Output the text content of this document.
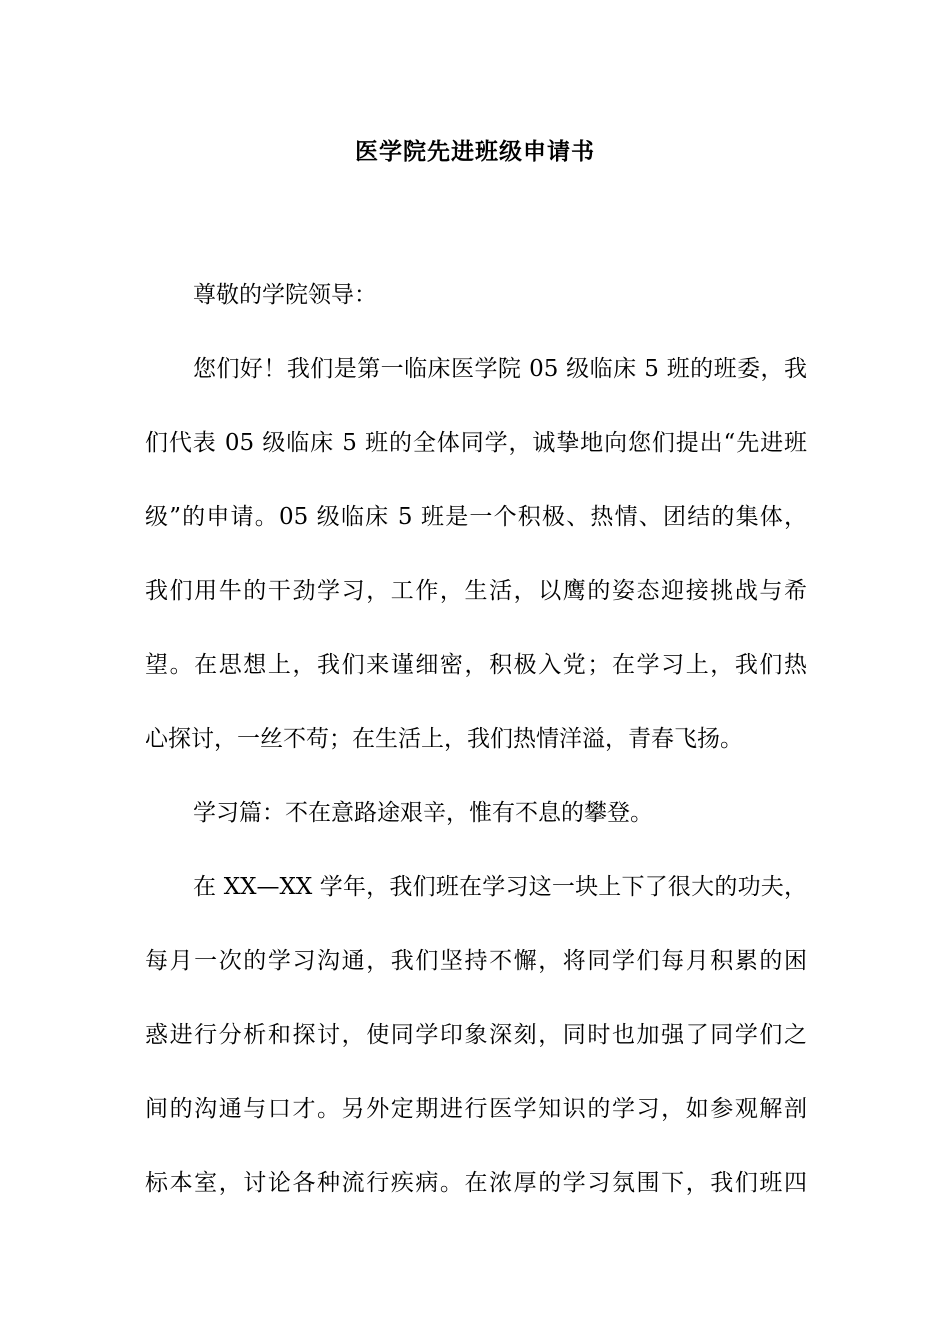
医学院先进班级申请书
尊敬的学院领导：
您们好！我们是第一临床医学院 05 级临床 5 班的班委，我
们代表 05 级临床 5 班的全体同学，诚挚地向您们提出“先进班
级”的申请。05 级临床 5 班是一个积极、热情、团结的集体，
我们用牛的干劲学习，工作，生活，以鹰的姿态迎接挑战与希
望。在思想上，我们来谨细密，积极入党；在学习上，我们热
心探讨，一丝不苟；在生活上，我们热情洋溢，青春飞扬。
学习篇：不在意路途艰辛，惟有不息的攀登。
在 XX—XX 学年，我们班在学习这一块上下了很大的功夫，
每月一次的学习沟通，我们坚持不懈，将同学们每月积累的困
惑进行分析和探讨，使同学印象深刻，同时也加强了同学们之
间的沟通与口才。另外定期进行医学知识的学习，如参观解剖
标本室，讨论各种流行疾病。在浓厚的学习氛围下，我们班四
